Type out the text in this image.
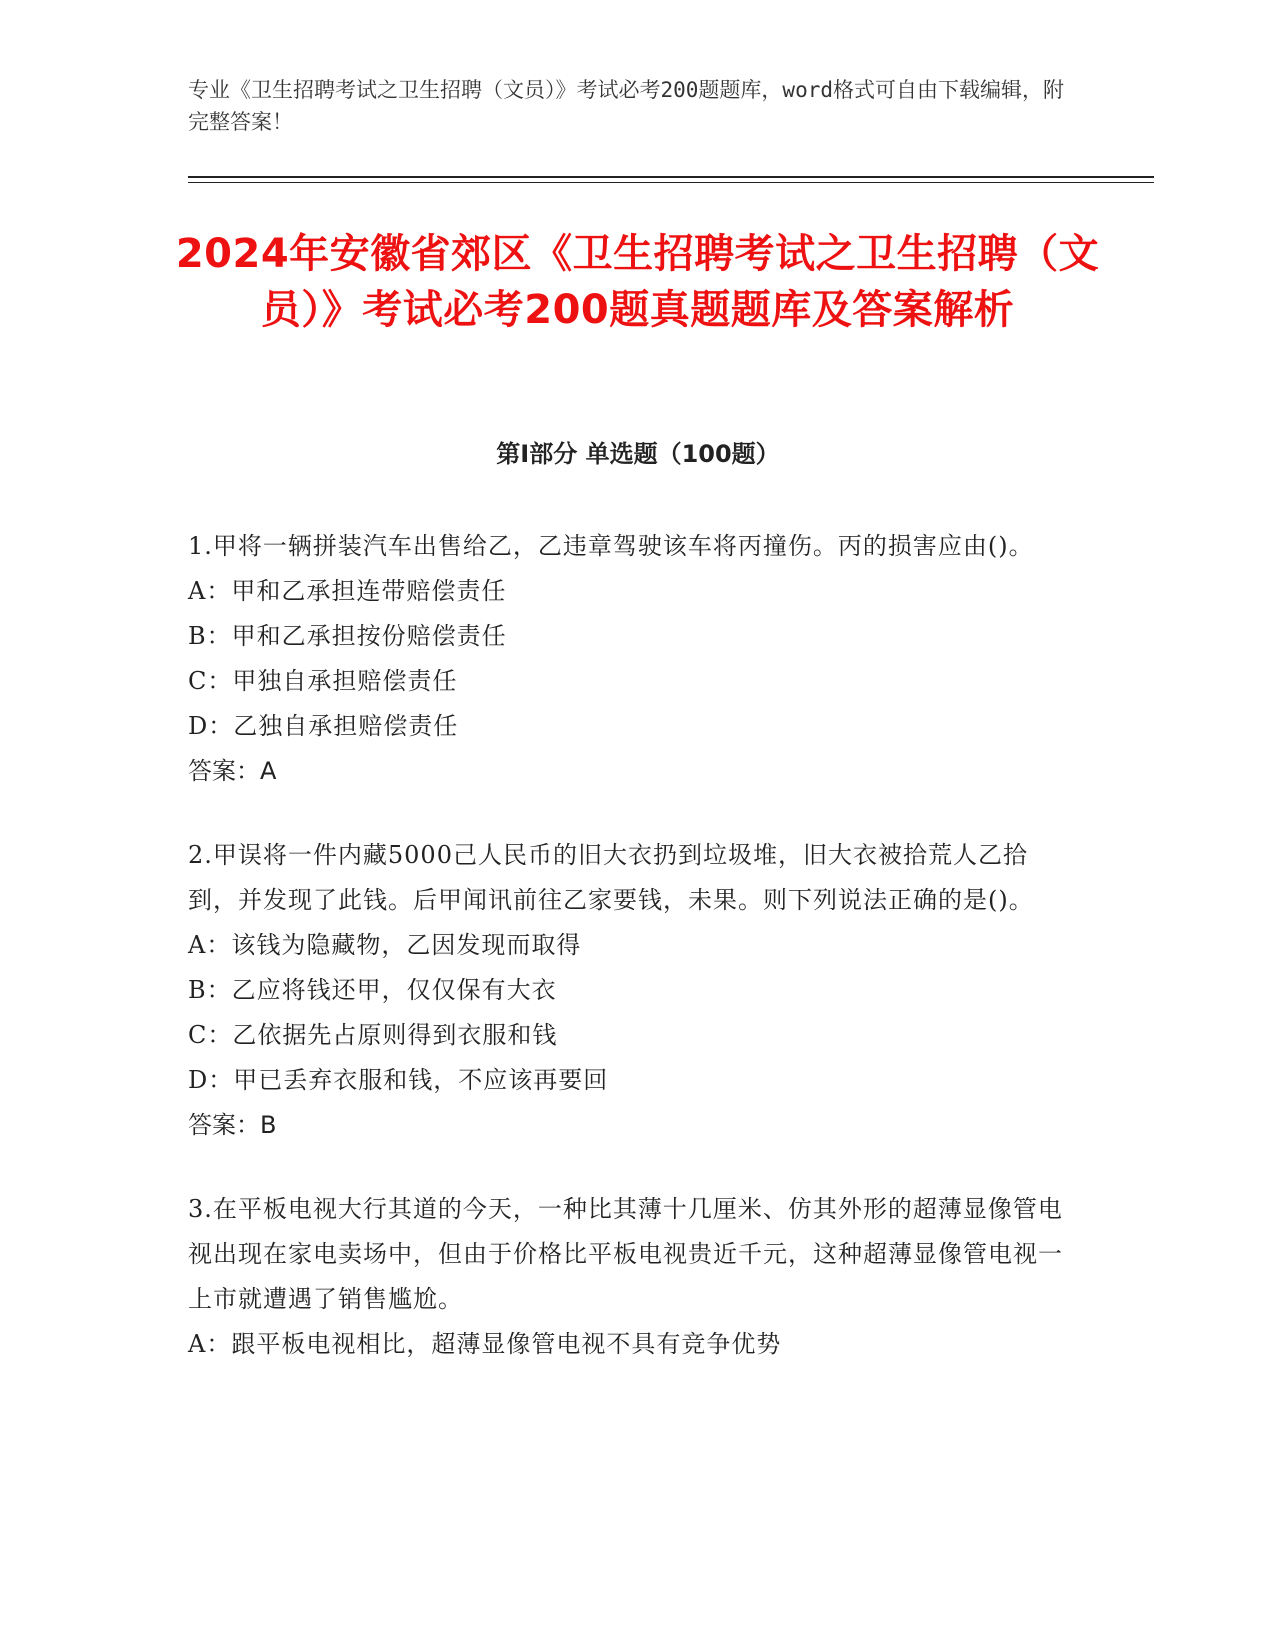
专业《卫生招聘考试之卫生招聘（文员）》考试必考200题题库，word格式可自由下载编辑，附完整答案！
2024年安徽省郊区《卫生招聘考试之卫生招聘（文员）》考试必考200题真题题库及答案解析
第I部分 单选题（100题）
1.甲将一辆拼装汽车出售给乙，乙违章驾驶该车将丙撞伤。丙的损害应由()。
A：甲和乙承担连带赔偿责任
B：甲和乙承担按份赔偿责任
C：甲独自承担赔偿责任
D：乙独自承担赔偿责任
答案：A
2.甲误将一件内藏5000己人民币的旧大衣扔到垃圾堆，旧大衣被拾荒人乙拾到，并发现了此钱。后甲闻讯前往乙家要钱，未果。则下列说法正确的是()。
A：该钱为隐藏物，乙因发现而取得
B：乙应将钱还甲，仅仅保有大衣
C：乙依据先占原则得到衣服和钱
D：甲已丢弃衣服和钱，不应该再要回
答案：B
3.在平板电视大行其道的今天，一种比其薄十几厘米、仿其外形的超薄显像管电视出现在家电卖场中，但由于价格比平板电视贵近千元，这种超薄显像管电视一上市就遭遇了销售尴尬。
A：跟平板电视相比，超薄显像管电视不具有竞争优势
